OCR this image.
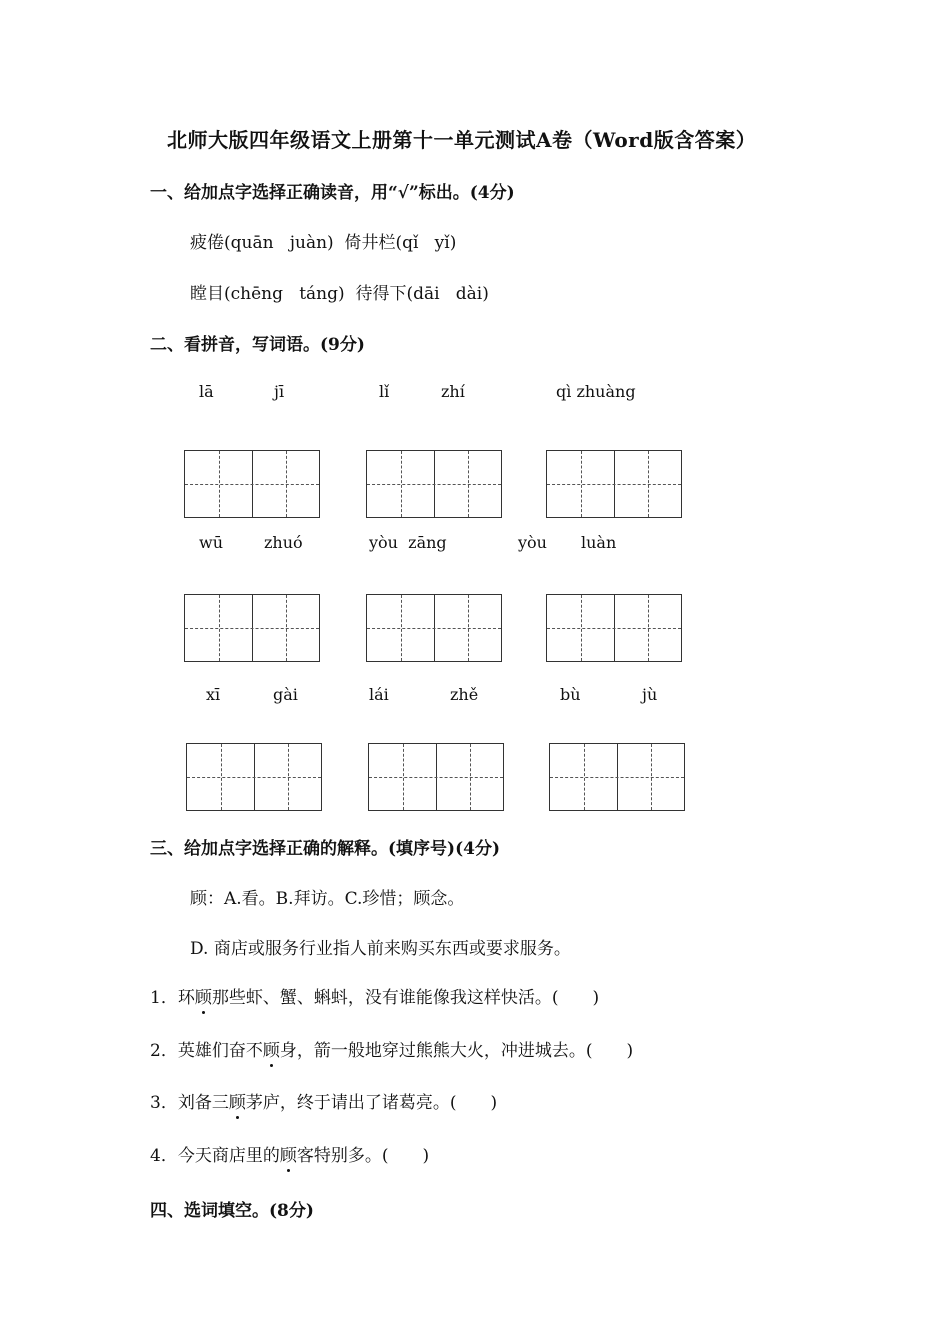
北师大版四年级语文上册第十一单元测试A卷（Word版含答案）
一、给加点字选择正确读音，用“√”标出。(4分)
疲倦(quān   juàn)  倚井栏(qǐ   yǐ)
瞠目(chēng   táng)  待得下(dāi   dài)
二、看拼音，写词语。(9分)
lā	jī	lǐ	zhí	qì zhuàng
wū	zhuó	yòu  zāng	yòu luàn
xī	gài	lái	zhě	bù	jù
三、给加点字选择正确的解释。(填序号)(4分)
顾：A.看。B.拜访。C.珍惜；顾念。
D. 商店或服务行业指人前来购买东西或要求服务。
1．环顾那些虾、蟹、蝌蚪，没有谁能像我这样快活。(　　)
2．英雄们奋不顾身，箭一般地穿过熊熊大火，冲进城去。(　　)
3．刘备三顾茅庐，终于请出了诸葛亮。(　　)
4．今天商店里的顾客特别多。(　　)
四、选词填空。(8分)
